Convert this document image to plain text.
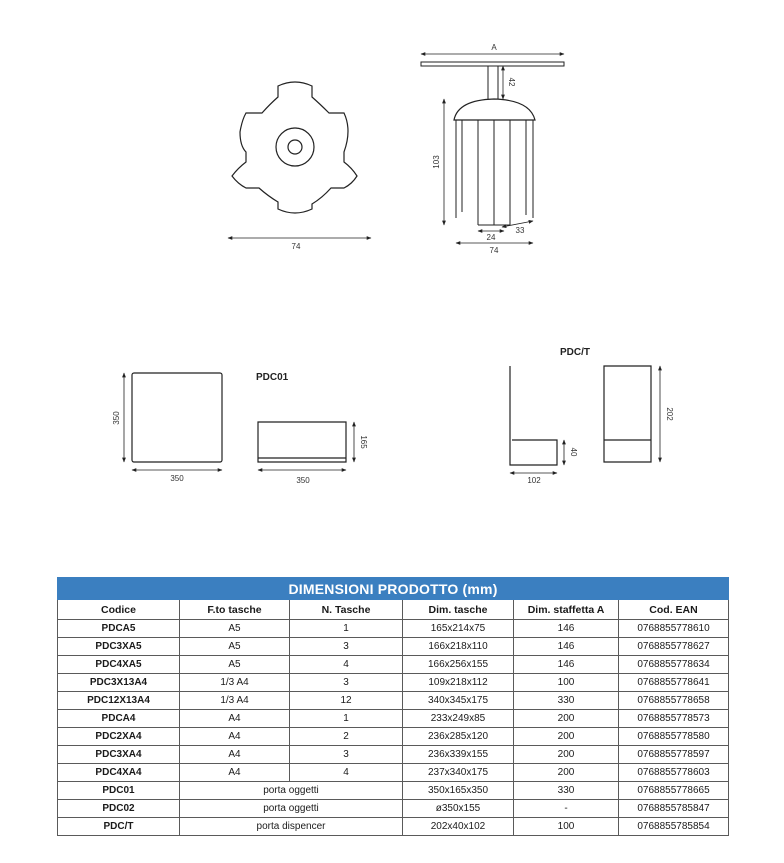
74
A
42
103
24
33
74
PDC01
350
350	350
165
PDC/T
102
40
202
DIMENSIONI PRODOTTO (mm)					
Codice	F.to tasche	N. Tasche	Dim. tasche	Dim. staffetta A	Cod. EAN
PDCA5	A5	1	165x214x75	146	0768855778610
PDC3XA5	A5	3	166x218x110	146	0768855778627
PDC4XA5	A5	4	166x256x155	146	0768855778634
PDC3X13A4	1/3 A4	3	109x218x112	100	0768855778641
PDC12X13A4	1/3 A4	12	340x345x175	330	0768855778658
PDCA4	A4	1	233x249x85	200	0768855778573
PDC2XA4	A4	2	236x285x120	200	0768855778580
PDC3XA4	A4	3	236x339x155	200	0768855778597
PDC4XA4	A4	4	237x340x175	200	0768855778603
PDC01	porta oggetti		350x165x350	330	0768855778665
PDC02	porta oggetti		ø350x155	-	0768855785847
PDC/T	porta dispencer		202x40x102	100	0768855785854
